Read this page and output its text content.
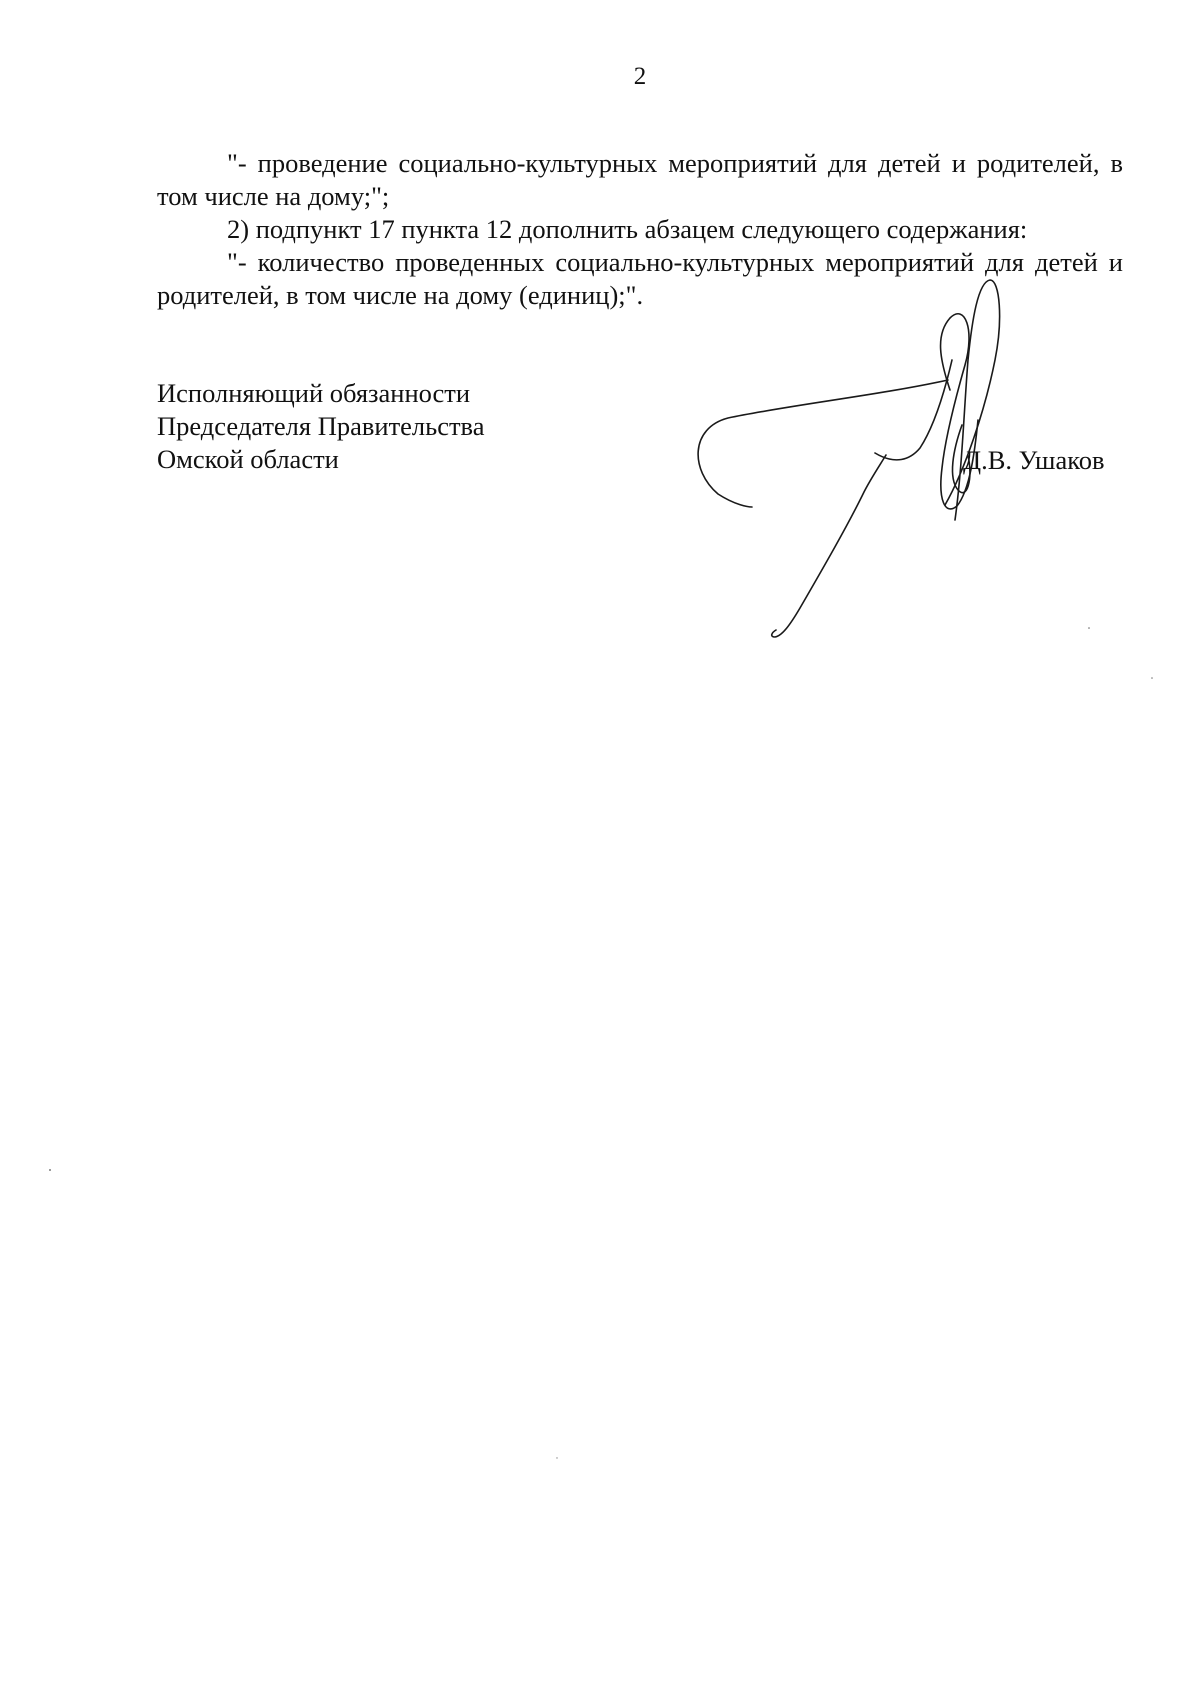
2

"- проведение социально-культурных мероприятий для детей и родителей, в том числе на дому;";

2) подпункт 17 пункта 12 дополнить абзацем следующего содержания:

"- количество проведенных социально-культурных мероприятий для детей и родителей, в том числе на дому (единиц);".

Исполняющий обязанности
Председателя Правительства
Омской области	Д.В. Ушаков
